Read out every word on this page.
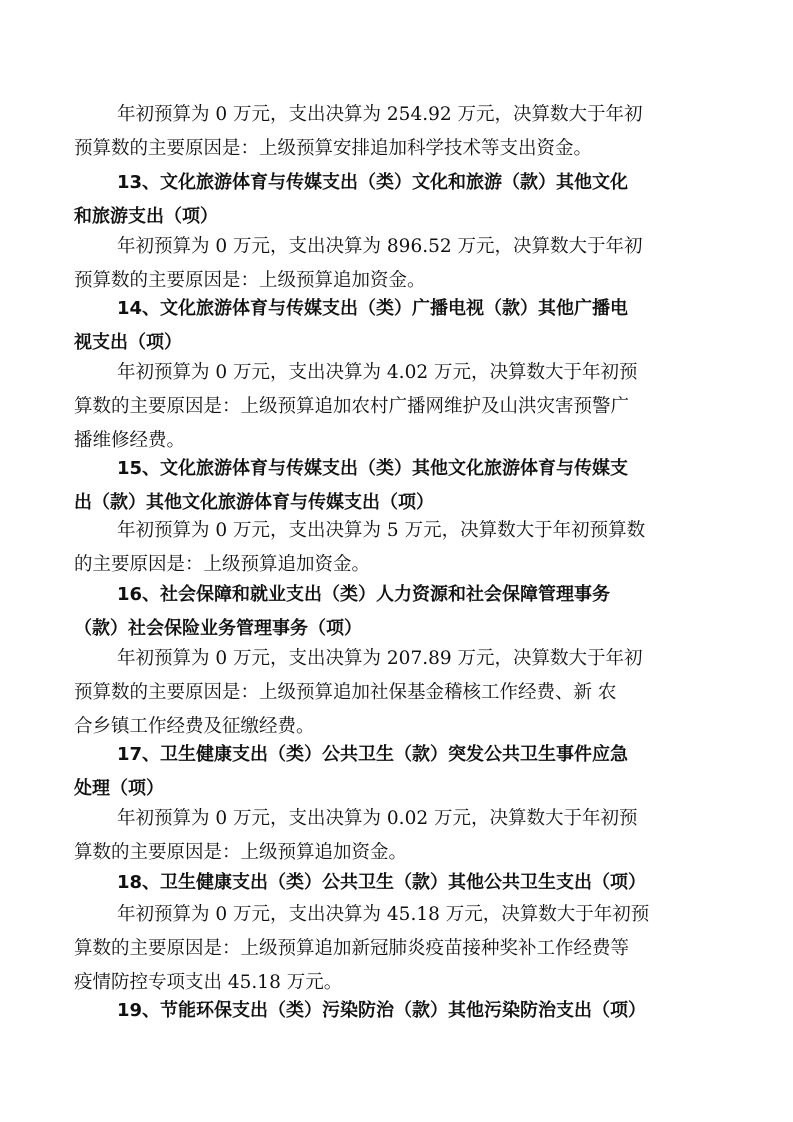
年初预算为 0 万元，支出决算为 254.92 万元，决算数大于年初
预算数的主要原因是：上级预算安排追加科学技术等支出资金。
13、文化旅游体育与传媒支出（类）文化和旅游（款）其他文化
和旅游支出（项）
年初预算为 0 万元，支出决算为 896.52 万元，决算数大于年初
预算数的主要原因是：上级预算追加资金。
14、文化旅游体育与传媒支出（类）广播电视（款）其他广播电
视支出（项）
年初预算为 0 万元，支出决算为 4.02 万元，决算数大于年初预
算数的主要原因是：上级预算追加农村广播网维护及山洪灾害预警广
播维修经费。
15、文化旅游体育与传媒支出（类）其他文化旅游体育与传媒支
出（款）其他文化旅游体育与传媒支出（项）
年初预算为 0 万元，支出决算为 5 万元，决算数大于年初预算数
的主要原因是：上级预算追加资金。
16、社会保障和就业支出（类）人力资源和社会保障管理事务
（款）社会保险业务管理事务（项）
年初预算为 0 万元，支出决算为 207.89 万元，决算数大于年初
预算数的主要原因是：上级预算追加社保基金稽核工作经费、新 农
合乡镇工作经费及征缴经费。
17、卫生健康支出（类）公共卫生（款）突发公共卫生事件应急
处理（项）
年初预算为 0 万元，支出决算为 0.02 万元，决算数大于年初预
算数的主要原因是：上级预算追加资金。
18、卫生健康支出（类）公共卫生（款）其他公共卫生支出（项）
年初预算为 0 万元，支出决算为 45.18 万元，决算数大于年初预
算数的主要原因是：上级预算追加新冠肺炎疫苗接种奖补工作经费等
疫情防控专项支出 45.18 万元。
19、节能环保支出（类）污染防治（款）其他污染防治支出（项）
